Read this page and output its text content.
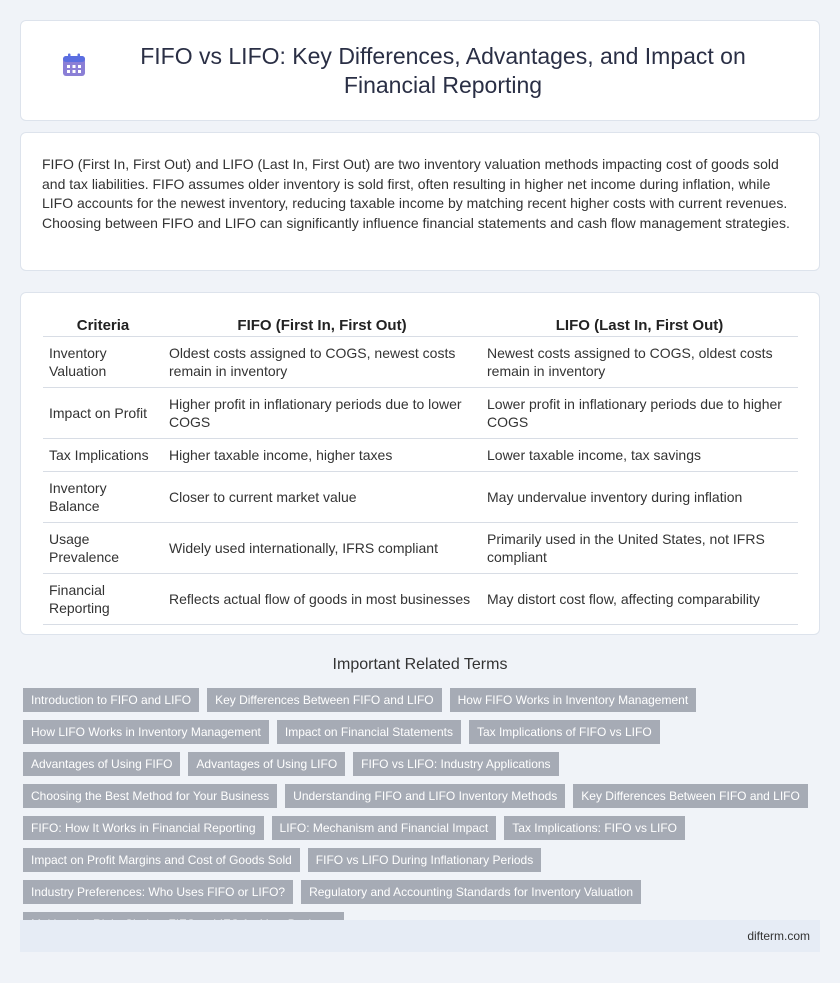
FIFO vs LIFO: Key Differences, Advantages, and Impact on Financial Reporting

FIFO (First In, First Out) and LIFO (Last In, First Out) are two inventory valuation methods impacting cost of goods sold and tax liabilities. FIFO assumes older inventory is sold first, often resulting in higher net income during inflation, while LIFO accounts for the newest inventory, reducing taxable income by matching recent higher costs with current revenues. Choosing between FIFO and LIFO can significantly influence financial statements and cash flow management strategies.

Criteria	FIFO (First In, First Out)	LIFO (Last In, First Out)
Inventory Valuation	Oldest costs assigned to COGS, newest costs remain in inventory	Newest costs assigned to COGS, oldest costs remain in inventory
Impact on Profit	Higher profit in inflationary periods due to lower COGS	Lower profit in inflationary periods due to higher COGS
Tax Implications	Higher taxable income, higher taxes	Lower taxable income, tax savings
Inventory Balance	Closer to current market value	May undervalue inventory during inflation
Usage Prevalence	Widely used internationally, IFRS compliant	Primarily used in the United States, not IFRS compliant
Financial Reporting	Reflects actual flow of goods in most businesses	May distort cost flow, affecting comparability
Important Related Terms
Introduction to FIFO and LIFO	Key Differences Between FIFO and LIFO	How FIFO Works in Inventory Management
How LIFO Works in Inventory Management	Impact on Financial Statements	Tax Implications of FIFO vs LIFO
Advantages of Using FIFO	Advantages of Using LIFO	FIFO vs LIFO: Industry Applications
Choosing the Best Method for Your Business	Understanding FIFO and LIFO Inventory Methods	Key Differences Between FIFO and LIFO
FIFO: How It Works in Financial Reporting	LIFO: Mechanism and Financial Impact	Tax Implications: FIFO vs LIFO
Impact on Profit Margins and Cost of Goods Sold	FIFO vs LIFO During Inflationary Periods
Industry Preferences: Who Uses FIFO or LIFO?	Regulatory and Accounting Standards for Inventory Valuation
difterm.com
